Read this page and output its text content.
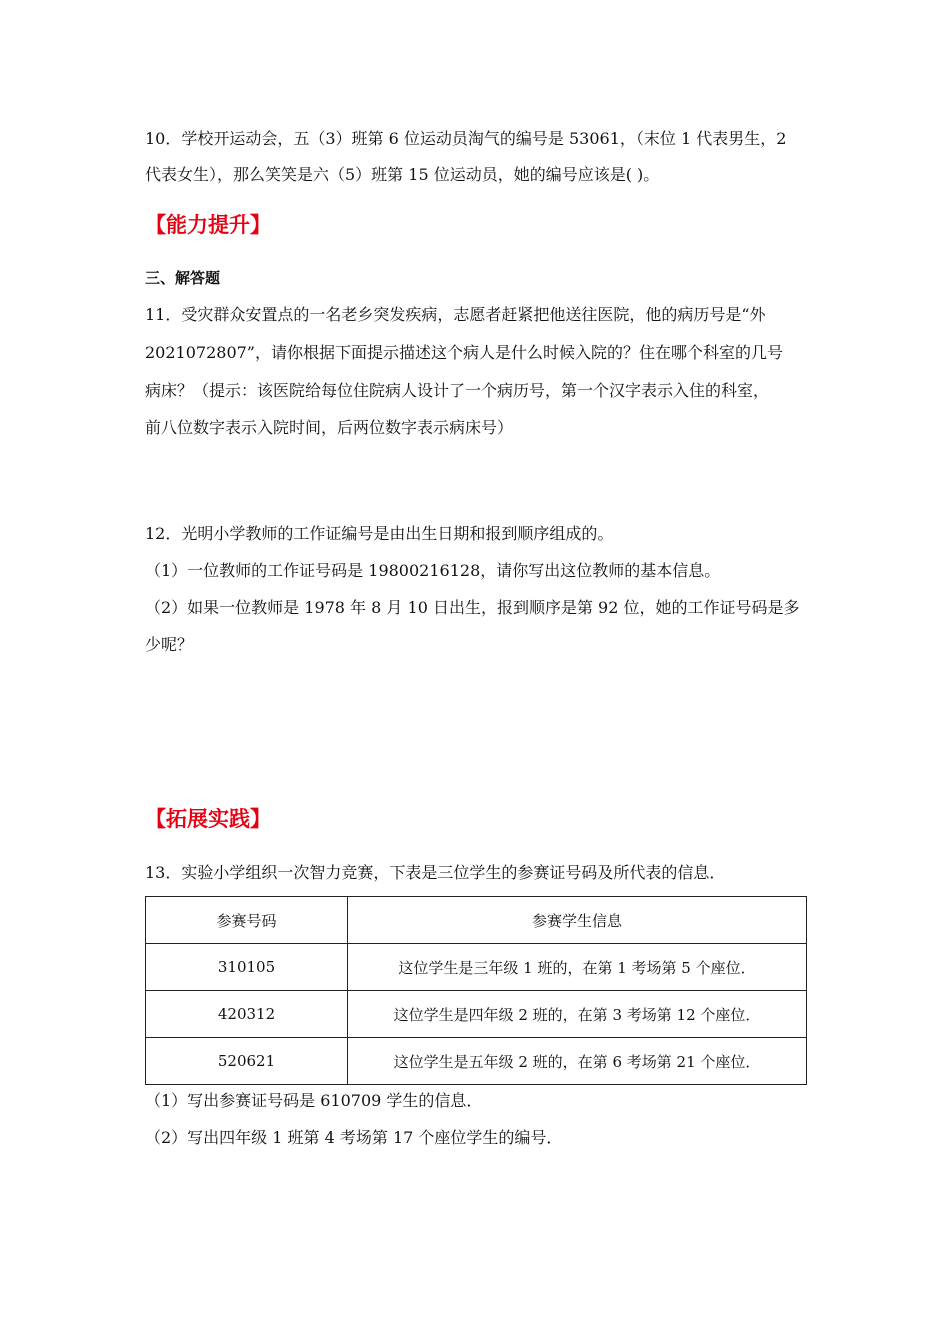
10．学校开运动会，五（3）班第 6 位运动员淘气的编号是 53061，（末位 1 代表男生，2
代表女生），那么笑笑是六（5）班第 15 位运动员，她的编号应该是( )。
【能力提升】
三、解答题
11．受灾群众安置点的一名老乡突发疾病，志愿者赶紧把他送往医院，他的病历号是“外
2021072807”，请你根据下面提示描述这个病人是什么时候入院的？住在哪个科室的几号
病床？（提示：该医院给每位住院病人设计了一个病历号，第一个汉字表示入住的科室，
前八位数字表示入院时间，后两位数字表示病床号）
12．光明小学教师的工作证编号是由出生日期和报到顺序组成的。
（1）一位教师的工作证号码是 19800216128，请你写出这位教师的基本信息。
（2）如果一位教师是 1978 年 8 月 10 日出生，报到顺序是第 92 位，她的工作证号码是多
少呢？
【拓展实践】
13．实验小学组织一次智力竞赛，下表是三位学生的参赛证号码及所代表的信息．
参赛号码	参赛学生信息
310105	这位学生是三年级 1 班的，在第 1 考场第 5 个座位．
420312	这位学生是四年级 2 班的，在第 3 考场第 12 个座位．
520621	这位学生是五年级 2 班的，在第 6 考场第 21 个座位．
（1）写出参赛证号码是 610709 学生的信息．
（2）写出四年级 1 班第 4 考场第 17 个座位学生的编号．
